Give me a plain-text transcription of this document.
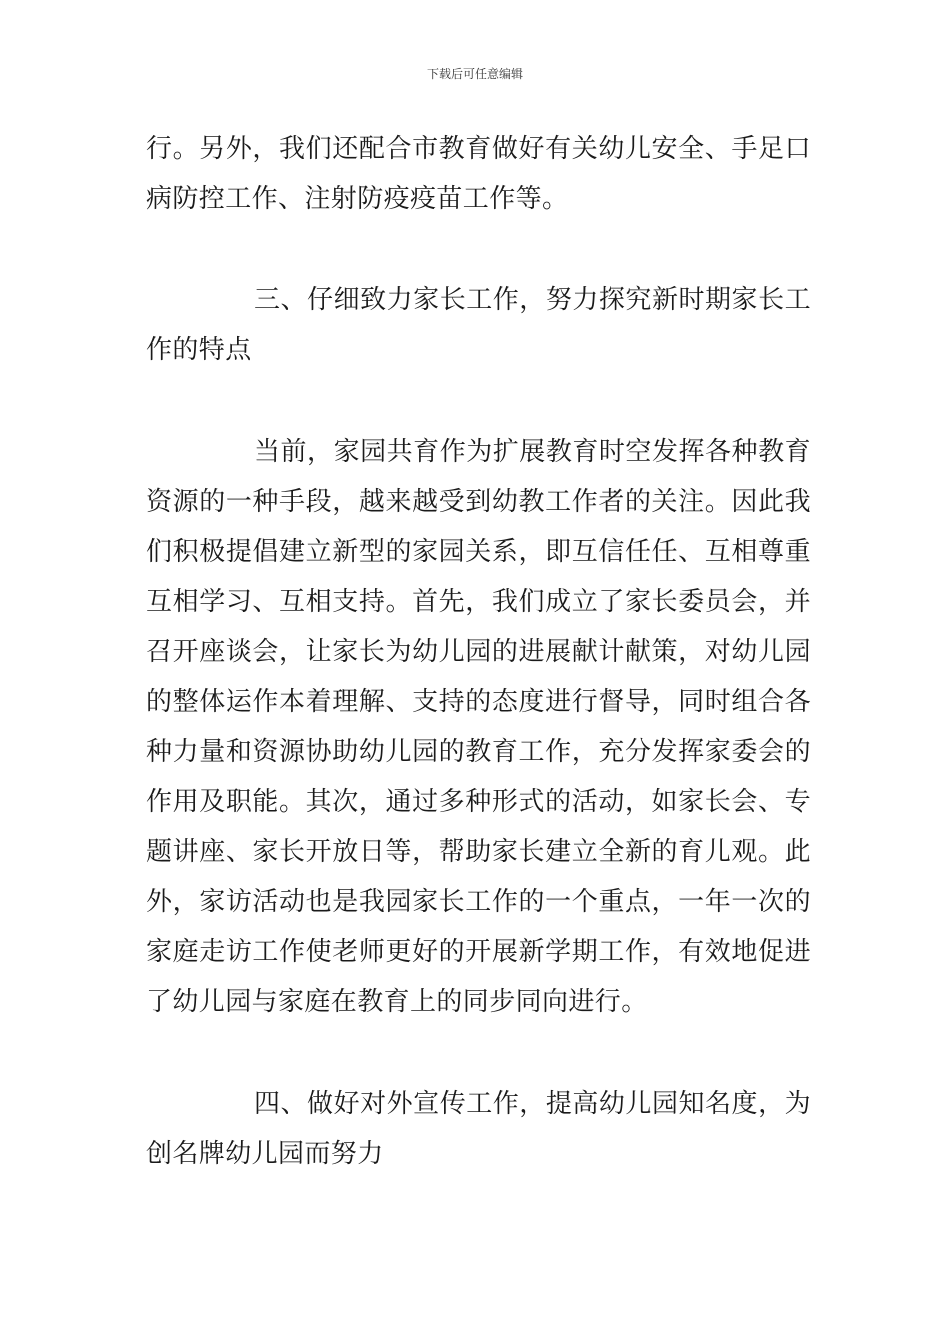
下载后可任意编辑

行。另外，我们还配合市教育做好有关幼儿安全、手足口病防控工作、注射防疫疫苗工作等。

三、仔细致力家长工作，努力探究新时期家长工作的特点

当前，家园共育作为扩展教育时空发挥各种教育资源的一种手段，越来越受到幼教工作者的关注。因此我们积极提倡建立新型的家园关系，即互信任任、互相尊重互相学习、互相支持。首先，我们成立了家长委员会，并召开座谈会，让家长为幼儿园的进展献计献策，对幼儿园的整体运作本着理解、支持的态度进行督导，同时组合各种力量和资源协助幼儿园的教育工作，充分发挥家委会的作用及职能。其次，通过多种形式的活动，如家长会、专题讲座、家长开放日等，帮助家长建立全新的育儿观。此外，家访活动也是我园家长工作的一个重点，一年一次的家庭走访工作使老师更好的开展新学期工作，有效地促进了幼儿园与家庭在教育上的同步同向进行。

四、做好对外宣传工作，提高幼儿园知名度，为创名牌幼儿园而努力
